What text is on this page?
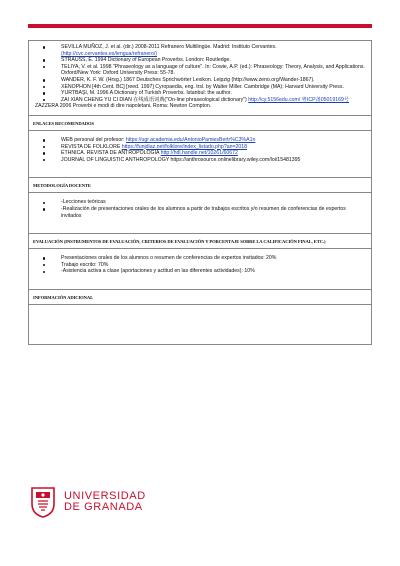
SEVILLA MUÑOZ, J. et al. (dir.) 2008-2011 Refranero Multilingüe. Madrid: Instituto Cervantes. (http://cvc.cervantes.es/lengua/refranero/)
STRAUSS, E. 1994 Dictionary of European Proverbs. London: Routledge.
TELIYA, V. et al. 1998 "Phraseology as a language of culture". In: Cowie, A.P. (ed.): Phraseology: Theory, Analysis, and Applications. Oxford/New York: Oxford University Press: 55-78.
WANDER, K. F. W. (Hrsg.) 1867 Deutsches Sprichwörter Lexikon. Leipzig (http://www.zeno.org/Wander-1867).
XENOPHON [4th Cent. BC] [reed. 1997] Cyropaedia, eng. trsl. by Walter Miller. Cambridge (MA): Harvard University Press.
YURTBAŞI, M. 1996 A Dictionary of Turkish Proverbs. Istanbul: the author.
ZAI XIAN CHENG YU CI DIAN 在线成语词典("On-line phraseological dictionary") http://cy.5156edu.com/ 粤ICP备05019169号
ZAZZERA 2006 Proverbi e modi di dire napoletani. Roma: Newton Compton.
ENLACES RECOMENDADOS
WEB personal del profesor: https://ugr.academia.edu/AntonioPamiesBertr%C3%A1n
REVISTA DE FOLKLORE https://funjdiaz.net/folklore/index_listado.php?an=2018
ÉTHNICA. REVISTA DE ANTROPOLOGÍA http://hdl.handle.net/10261/60672
JOURNAL OF LINGUISTIC ANTHROPOLOGY https://anthrosource.onlinelibrary.wiley.com/loi/15481395
METODOLOGÍA DOCENTE
-Lecciones teóricas
-Realización de presentaciones orales de los alumnos a partir de trabajos escritos y/o resumen de conferencias de expertos invitados
EVALUACIÓN (INSTRUMENTOS DE EVALUACIÓN, CRITERIOS DE EVALUACIÓN Y PORCENTAJE SOBRE LA CALIFICACIÓN FINAL, ETC.)
Presentaciones orales de los alumnos o resumen de conferencias de expertos invitados: 20%
Trabajo escrito: 70%
-Asistencia activa a clase (aportaciones y actitud en las diferentes actividades): 10%
INFORMACIÓN ADICIONAL
UNIVERSIDAD
DE GRANADA
